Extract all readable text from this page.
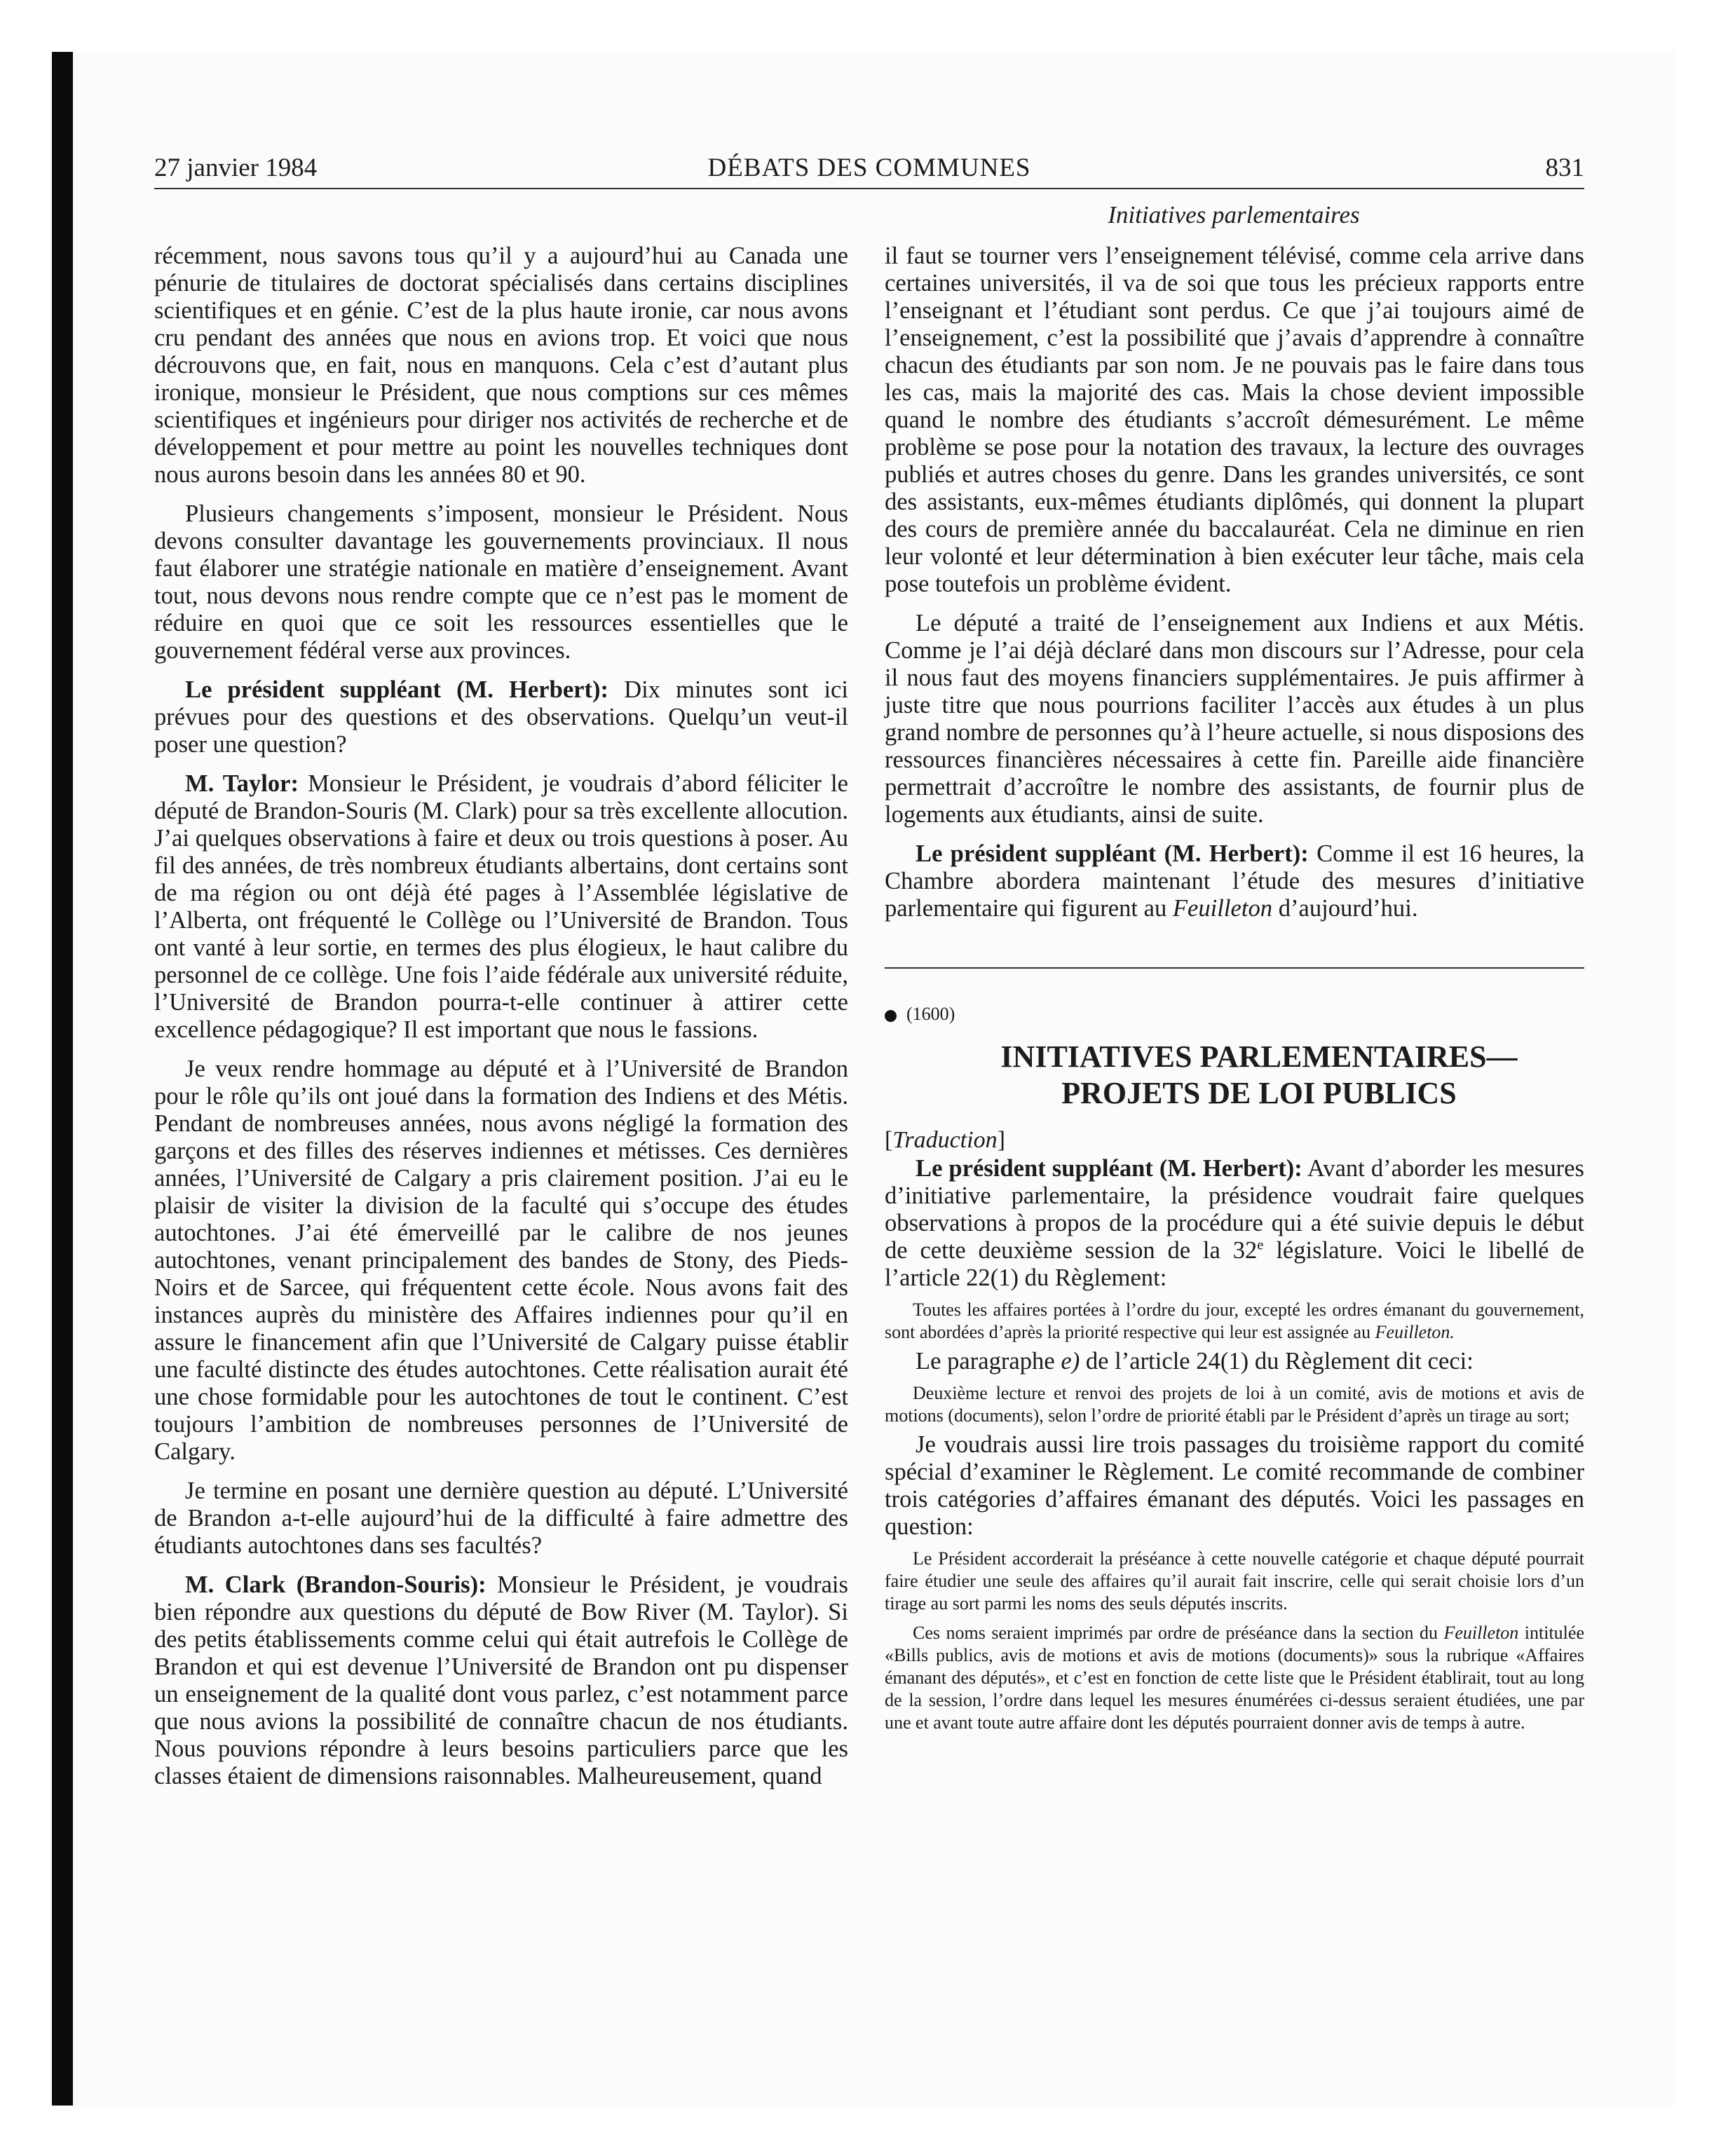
27 janvier 1984	DÉBATS DES COMMUNES	831
Initiatives parlementaires

récemment, nous savons tous qu’il y a aujourd’hui au Canada une pénurie de titulaires de doctorat spécialisés dans certains disciplines scientifiques et en génie. C’est de la plus haute ironie, car nous avons cru pendant des années que nous en avions trop. Et voici que nous décrouvons que, en fait, nous en manquons. Cela c’est d’autant plus ironique, monsieur le Président, que nous comptions sur ces mêmes scientifiques et ingénieurs pour diriger nos activités de recherche et de développement et pour mettre au point les nouvelles techniques dont nous aurons besoin dans les années 80 et 90.

Plusieurs changements s’imposent, monsieur le Président. Nous devons consulter davantage les gouvernements provinciaux. Il nous faut élaborer une stratégie nationale en matière d’enseignement. Avant tout, nous devons nous rendre compte que ce n’est pas le moment de réduire en quoi que ce soit les ressources essentielles que le gouvernement fédéral verse aux provinces.

Le président suppléant (M. Herbert): Dix minutes sont ici prévues pour des questions et des observations. Quelqu’un veut-il poser une question?

M. Taylor: Monsieur le Président, je voudrais d’abord féliciter le député de Brandon-Souris (M. Clark) pour sa très excellente allocution. J’ai quelques observations à faire et deux ou trois questions à poser. Au fil des années, de très nombreux étudiants albertains, dont certains sont de ma région ou ont déjà été pages à l’Assemblée législative de l’Alberta, ont fréquenté le Collège ou l’Université de Brandon. Tous ont vanté à leur sortie, en termes des plus élogieux, le haut calibre du personnel de ce collège. Une fois l’aide fédérale aux université réduite, l’Université de Brandon pourra-t-elle continuer à attirer cette excellence pédagogique? Il est important que nous le fassions.

Je veux rendre hommage au député et à l’Université de Brandon pour le rôle qu’ils ont joué dans la formation des Indiens et des Métis. Pendant de nombreuses années, nous avons négligé la formation des garçons et des filles des réserves indiennes et métisses. Ces dernières années, l’Université de Calgary a pris clairement position. J’ai eu le plaisir de visiter la division de la faculté qui s’occupe des études autochtones. J’ai été émerveillé par le calibre de nos jeunes autochtones, venant principalement des bandes de Stony, des Pieds-Noirs et de Sarcee, qui fréquentent cette école. Nous avons fait des instances auprès du ministère des Affaires indiennes pour qu’il en assure le financement afin que l’Université de Calgary puisse établir une faculté distincte des études autochtones. Cette réalisation aurait été une chose formidable pour les autochtones de tout le continent. C’est toujours l’ambition de nombreuses personnes de l’Université de Calgary.

Je termine en posant une dernière question au député. L’Université de Brandon a-t-elle aujourd’hui de la difficulté à faire admettre des étudiants autochtones dans ses facultés?

M. Clark (Brandon-Souris): Monsieur le Président, je voudrais bien répondre aux questions du député de Bow River (M. Taylor). Si des petits établissements comme celui qui était autrefois le Collège de Brandon et qui est devenue l’Université de Brandon ont pu dispenser un enseignement de la qualité dont vous parlez, c’est notamment parce que nous avions la possibilité de connaître chacun de nos étudiants. Nous pouvions répondre à leurs besoins particuliers parce que les classes étaient de dimensions raisonnables. Malheureusement, quand

il faut se tourner vers l’enseignement télévisé, comme cela arrive dans certaines universités, il va de soi que tous les précieux rapports entre l’enseignant et l’étudiant sont perdus. Ce que j’ai toujours aimé de l’enseignement, c’est la possibilité que j’avais d’apprendre à connaître chacun des étudiants par son nom. Je ne pouvais pas le faire dans tous les cas, mais la majorité des cas. Mais la chose devient impossible quand le nombre des étudiants s’accroît démesurément. Le même problème se pose pour la notation des travaux, la lecture des ouvrages publiés et autres choses du genre. Dans les grandes universités, ce sont des assistants, eux-mêmes étudiants diplômés, qui donnent la plupart des cours de première année du baccalauréat. Cela ne diminue en rien leur volonté et leur détermination à bien exécuter leur tâche, mais cela pose toutefois un problème évident.

Le député a traité de l’enseignement aux Indiens et aux Métis. Comme je l’ai déjà déclaré dans mon discours sur l’Adresse, pour cela il nous faut des moyens financiers supplémentaires. Je puis affirmer à juste titre que nous pourrions faciliter l’accès aux études à un plus grand nombre de personnes qu’à l’heure actuelle, si nous disposions des ressources financières nécessaires à cette fin. Pareille aide financière permettrait d’accroître le nombre des assistants, de fournir plus de logements aux étudiants, ainsi de suite.

Le président suppléant (M. Herbert): Comme il est 16 heures, la Chambre abordera maintenant l’étude des mesures d’initiative parlementaire qui figurent au Feuilleton d’aujourd’hui.

(1600)
INITIATIVES PARLEMENTAIRES—
PROJETS DE LOI PUBLICS
[Traduction]

Le président suppléant (M. Herbert): Avant d’aborder les mesures d’initiative parlementaire, la présidence voudrait faire quelques observations à propos de la procédure qui a été suivie depuis le début de cette deuxième session de la 32e législature. Voici le libellé de l’article 22(1) du Règlement:

Toutes les affaires portées à l’ordre du jour, excepté les ordres émanant du gouvernement, sont abordées d’après la priorité respective qui leur est assignée au Feuilleton.

Le paragraphe e) de l’article 24(1) du Règlement dit ceci:

Deuxième lecture et renvoi des projets de loi à un comité, avis de motions et avis de motions (documents), selon l’ordre de priorité établi par le Président d’après un tirage au sort;

Je voudrais aussi lire trois passages du troisième rapport du comité spécial d’examiner le Règlement. Le comité recommande de combiner trois catégories d’affaires émanant des députés. Voici les passages en question:

Le Président accorderait la préséance à cette nouvelle catégorie et chaque député pourrait faire étudier une seule des affaires qu’il aurait fait inscrire, celle qui serait choisie lors d’un tirage au sort parmi les noms des seuls députés inscrits.

Ces noms seraient imprimés par ordre de préséance dans la section du Feuilleton intitulée «Bills publics, avis de motions et avis de motions (documents)» sous la rubrique «Affaires émanant des députés», et c’est en fonction de cette liste que le Président établirait, tout au long de la session, l’ordre dans lequel les mesures énumérées ci-dessus seraient étudiées, une par une et avant toute autre affaire dont les députés pourraient donner avis de temps à autre.
